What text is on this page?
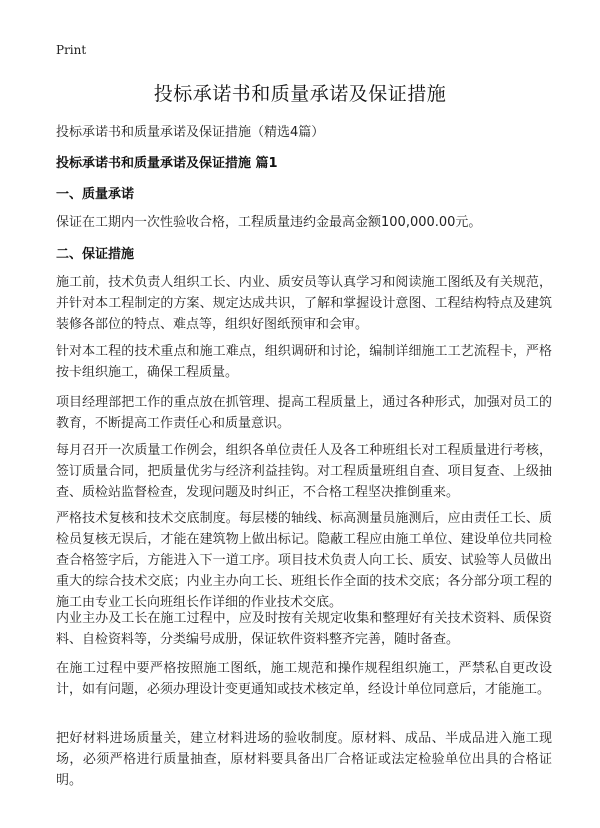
Print
投标承诺书和质量承诺及保证措施

投标承诺书和质量承诺及保证措施（精选4篇）

投标承诺书和质量承诺及保证措施 篇1
一、质量承诺

保证在工期内一次性验收合格，工程质量违约金最高金额100,000.00元。

二、保证措施

施工前，技术负责人组织工长、内业、质安员等认真学习和阅读施工图纸及有关规范，并针对本工程制定的方案、规定达成共识，了解和掌握设计意图、工程结构特点及建筑装修各部位的特点、难点等，组织好图纸预审和会审。

针对本工程的技术重点和施工难点，组织调研和讨论，编制详细施工工艺流程卡，严格按卡组织施工，确保工程质量。

项目经理部把工作的重点放在抓管理、提高工程质量上，通过各种形式，加强对员工的教育，不断提高工作责任心和质量意识。

每月召开一次质量工作例会，组织各单位责任人及各工种班组长对工程质量进行考核，签订质量合同，把质量优劣与经济利益挂钩。对工程质量班组自查、项目复查、上级抽查、质检站监督检查，发现问题及时纠正，不合格工程坚决推倒重来。

严格技术复核和技术交底制度。每层楼的轴线、标高测量员施测后，应由责任工长、质检员复核无误后，才能在建筑物上做出标记。隐蔽工程应由施工单位、建设单位共同检查合格签字后，方能进入下一道工序。项目技术负责人向工长、质安、试验等人员做出重大的综合技术交底；内业主办向工长、班组长作全面的技术交底；各分部分项工程的施工由专业工长向班组长作详细的作业技术交底。

内业主办及工长在施工过程中，应及时按有关规定收集和整理好有关技术资料、质保资料、自检资料等，分类编号成册，保证软件资料整齐完善，随时备查。

在施工过程中要严格按照施工图纸，施工规范和操作规程组织施工，严禁私自更改设计，如有问题，必须办理设计变更通知或技术核定单，经设计单位同意后，才能施工。

把好材料进场质量关，建立材料进场的验收制度。原材料、成品、半成品进入施工现场，必须严格进行质量抽查，原材料要具备出厂合格证或法定检验单位出具的合格证明。
